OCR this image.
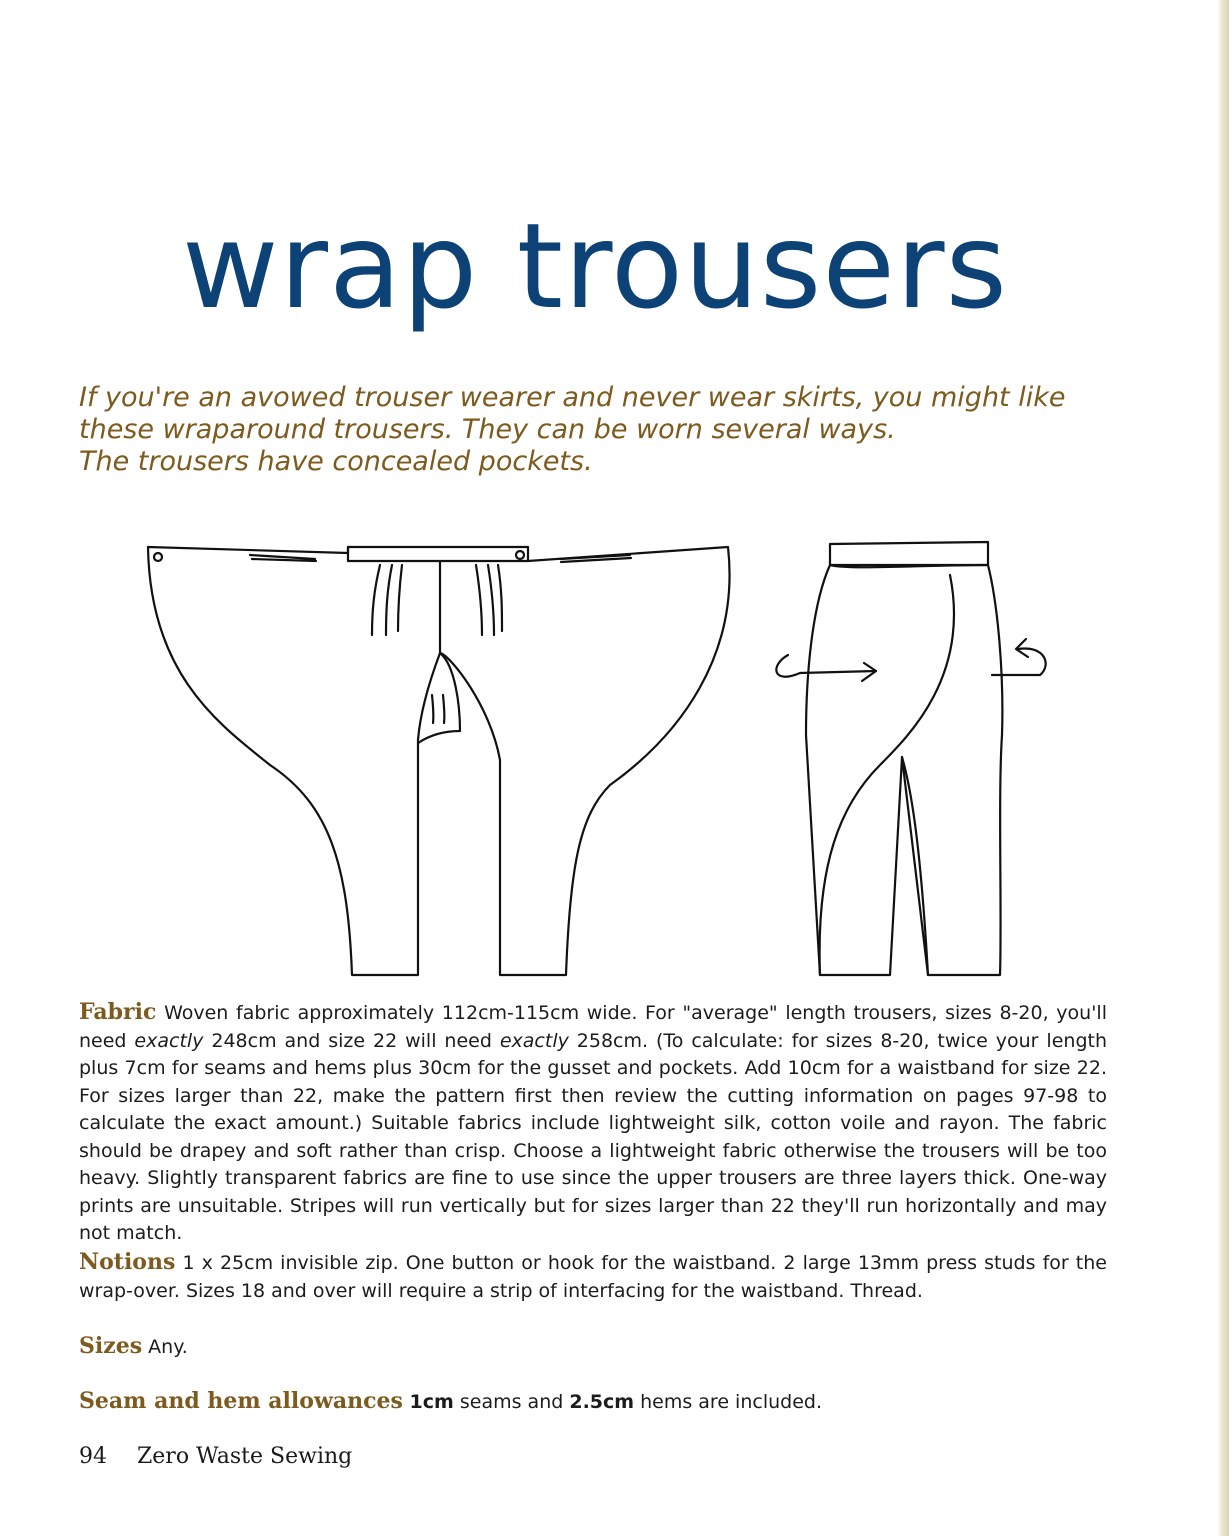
wrap trousers
If you're an avowed trouser wearer and never wear skirts, you might like
these wraparound trousers. They can be worn several ways.
The trousers have concealed pockets.
Fabric Woven fabric approximately 112cm-115cm wide. For "average" length trousers, sizes 8-20, you'll need exactly 248cm and size 22 will need exactly 258cm. (To calculate: for sizes 8-20, twice your length plus 7cm for seams and hems plus 30cm for the gusset and pockets. Add 10cm for a waistband for size 22. For sizes larger than 22, make the pattern first then review the cutting information on pages 97-98 to calculate the exact amount.) Suitable fabrics include lightweight silk, cotton voile and rayon. The fabric should be drapey and soft rather than crisp. Choose a lightweight fabric otherwise the trousers will be too heavy. Slightly transparent fabrics are fine to use since the upper trousers are three layers thick. One-way prints are unsuitable. Stripes will run vertically but for sizes larger than 22 they'll run horizontally and may not match.
Notions 1 x 25cm invisible zip. One button or hook for the waistband. 2 large 13mm press studs for the wrap-over. Sizes 18 and over will require a strip of interfacing for the waistband. Thread.
Sizes Any.
Seam and hem allowances 1cm seams and 2.5cm hems are included.
94 Zero Waste Sewing
